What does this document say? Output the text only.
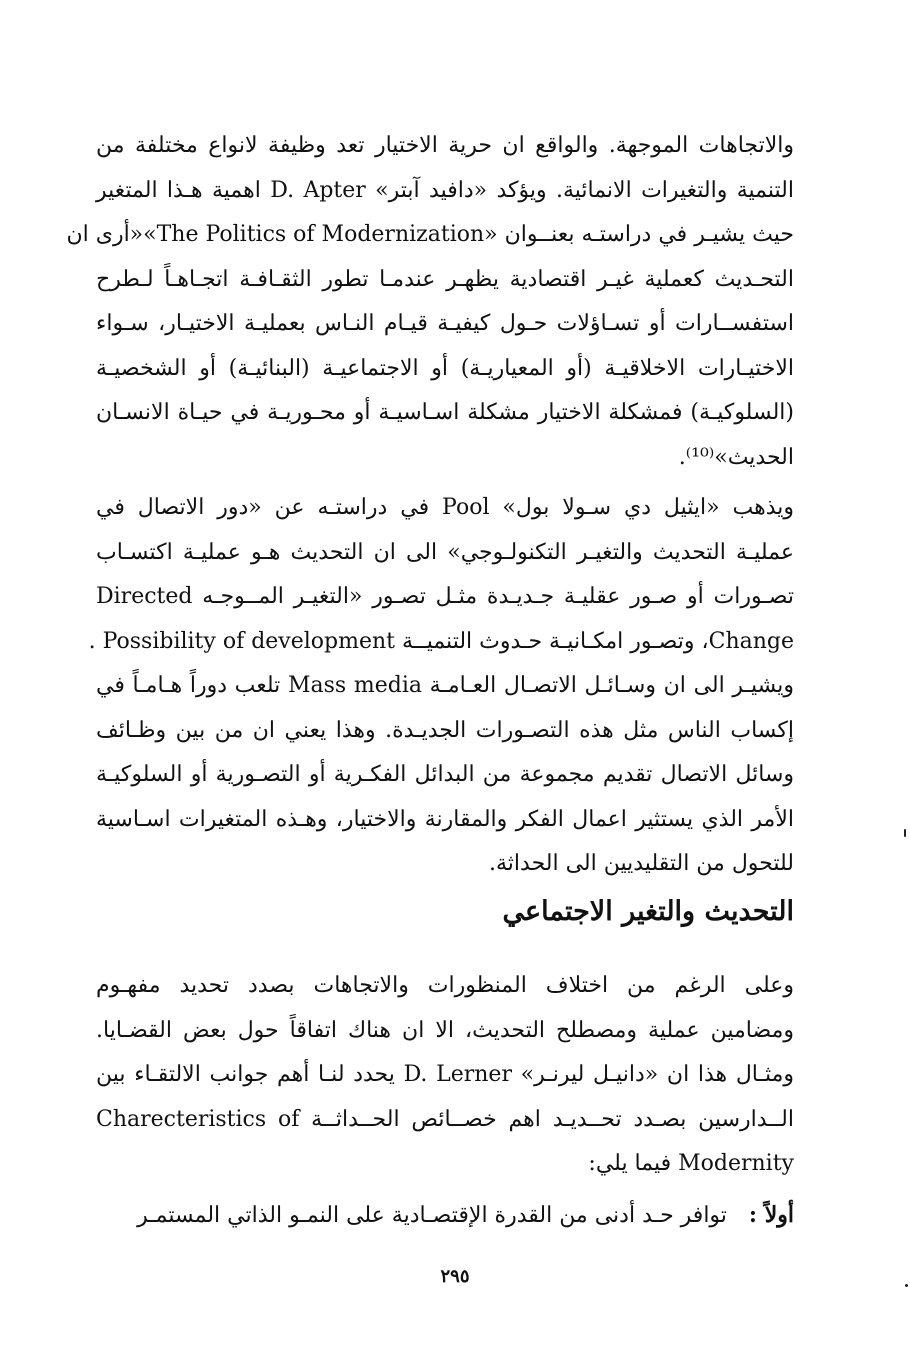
والاتجاهات الموجهة. والواقع ان حرية الاختيار تعد وظيفة لانواع مختلفة من
التنمية والتغيرات الانمائية. ويؤكد «دافيد آبتر» D. Apter اهمية هـذا المتغير
حيث يشيـر في دراستـه بعنــوان «The Politics of Modernization»«أرى ان
التحـديث كعملية غيـر اقتصادية يظهـر عندمـا تطور الثقـافـة اتجـاهـاً لـطرح
استفســارات أو تسـاؤلات حـول كيفيـة قيـام النـاس بعمليـة الاختيـار، سـواء
الاختيـارات الاخلاقيـة (أو المعياريـة) أو الاجتماعيـة (البنائيـة) أو الشخصيـة
(السلوكيـة) فمشكلة الاختيار مشكلة اسـاسيـة أو محـوريـة في حيـاة الانسـان
الحديث»⁽¹⁰⁾.
ويذهب «ايثيل دي سـولا بول» Pool في دراستـه عن «دور الاتصال في
عمليـة التحديث والتغيـر التكنولـوجي» الى ان التحديث هـو عمليـة اكتسـاب
تصـورات أو صـور عقليـة جـديـدة مثـل تصـور «التغيـر المــوجـه Directed
Change، وتصـور امكـانيـة حـدوث التنميــة Possibility of development .
ويشيـر الى ان وسـائـل الاتصـال العـامـة Mass media تلعب دوراً هـامـاً في
إكساب الناس مثل هذه التصـورات الجديـدة. وهذا يعني ان من بين وظـائف
وسائل الاتصال تقديم مجموعة من البدائل الفكـرية أو التصـورية أو السلوكيـة
الأمر الذي يستثير اعمال الفكر والمقارنة والاختيار، وهـذه المتغيرات اسـاسية
للتحول من التقليديين الى الحداثة.
التحديث والتغير الاجتماعي
وعلى الرغم من اختلاف المنظورات والاتجاهات بصدد تحديد مفهـوم
ومضامين عملية ومصطلح التحديث، الا ان هناك اتفاقاً حول بعض القضـايا.
ومثـال هذا ان «دانيـل ليرنـر» D. Lerner يحدد لنـا أهم جوانب الالتقـاء بين
الــدارسين بصـدد تحــديـد اهم خصــائص الحــداثــة Charecteristics of
Modernity فيما يلي:
أولاً :توافر حـد أدنى من القدرة الإقتصـادية على النمـو الذاتي المستمـر
٢٩٥
